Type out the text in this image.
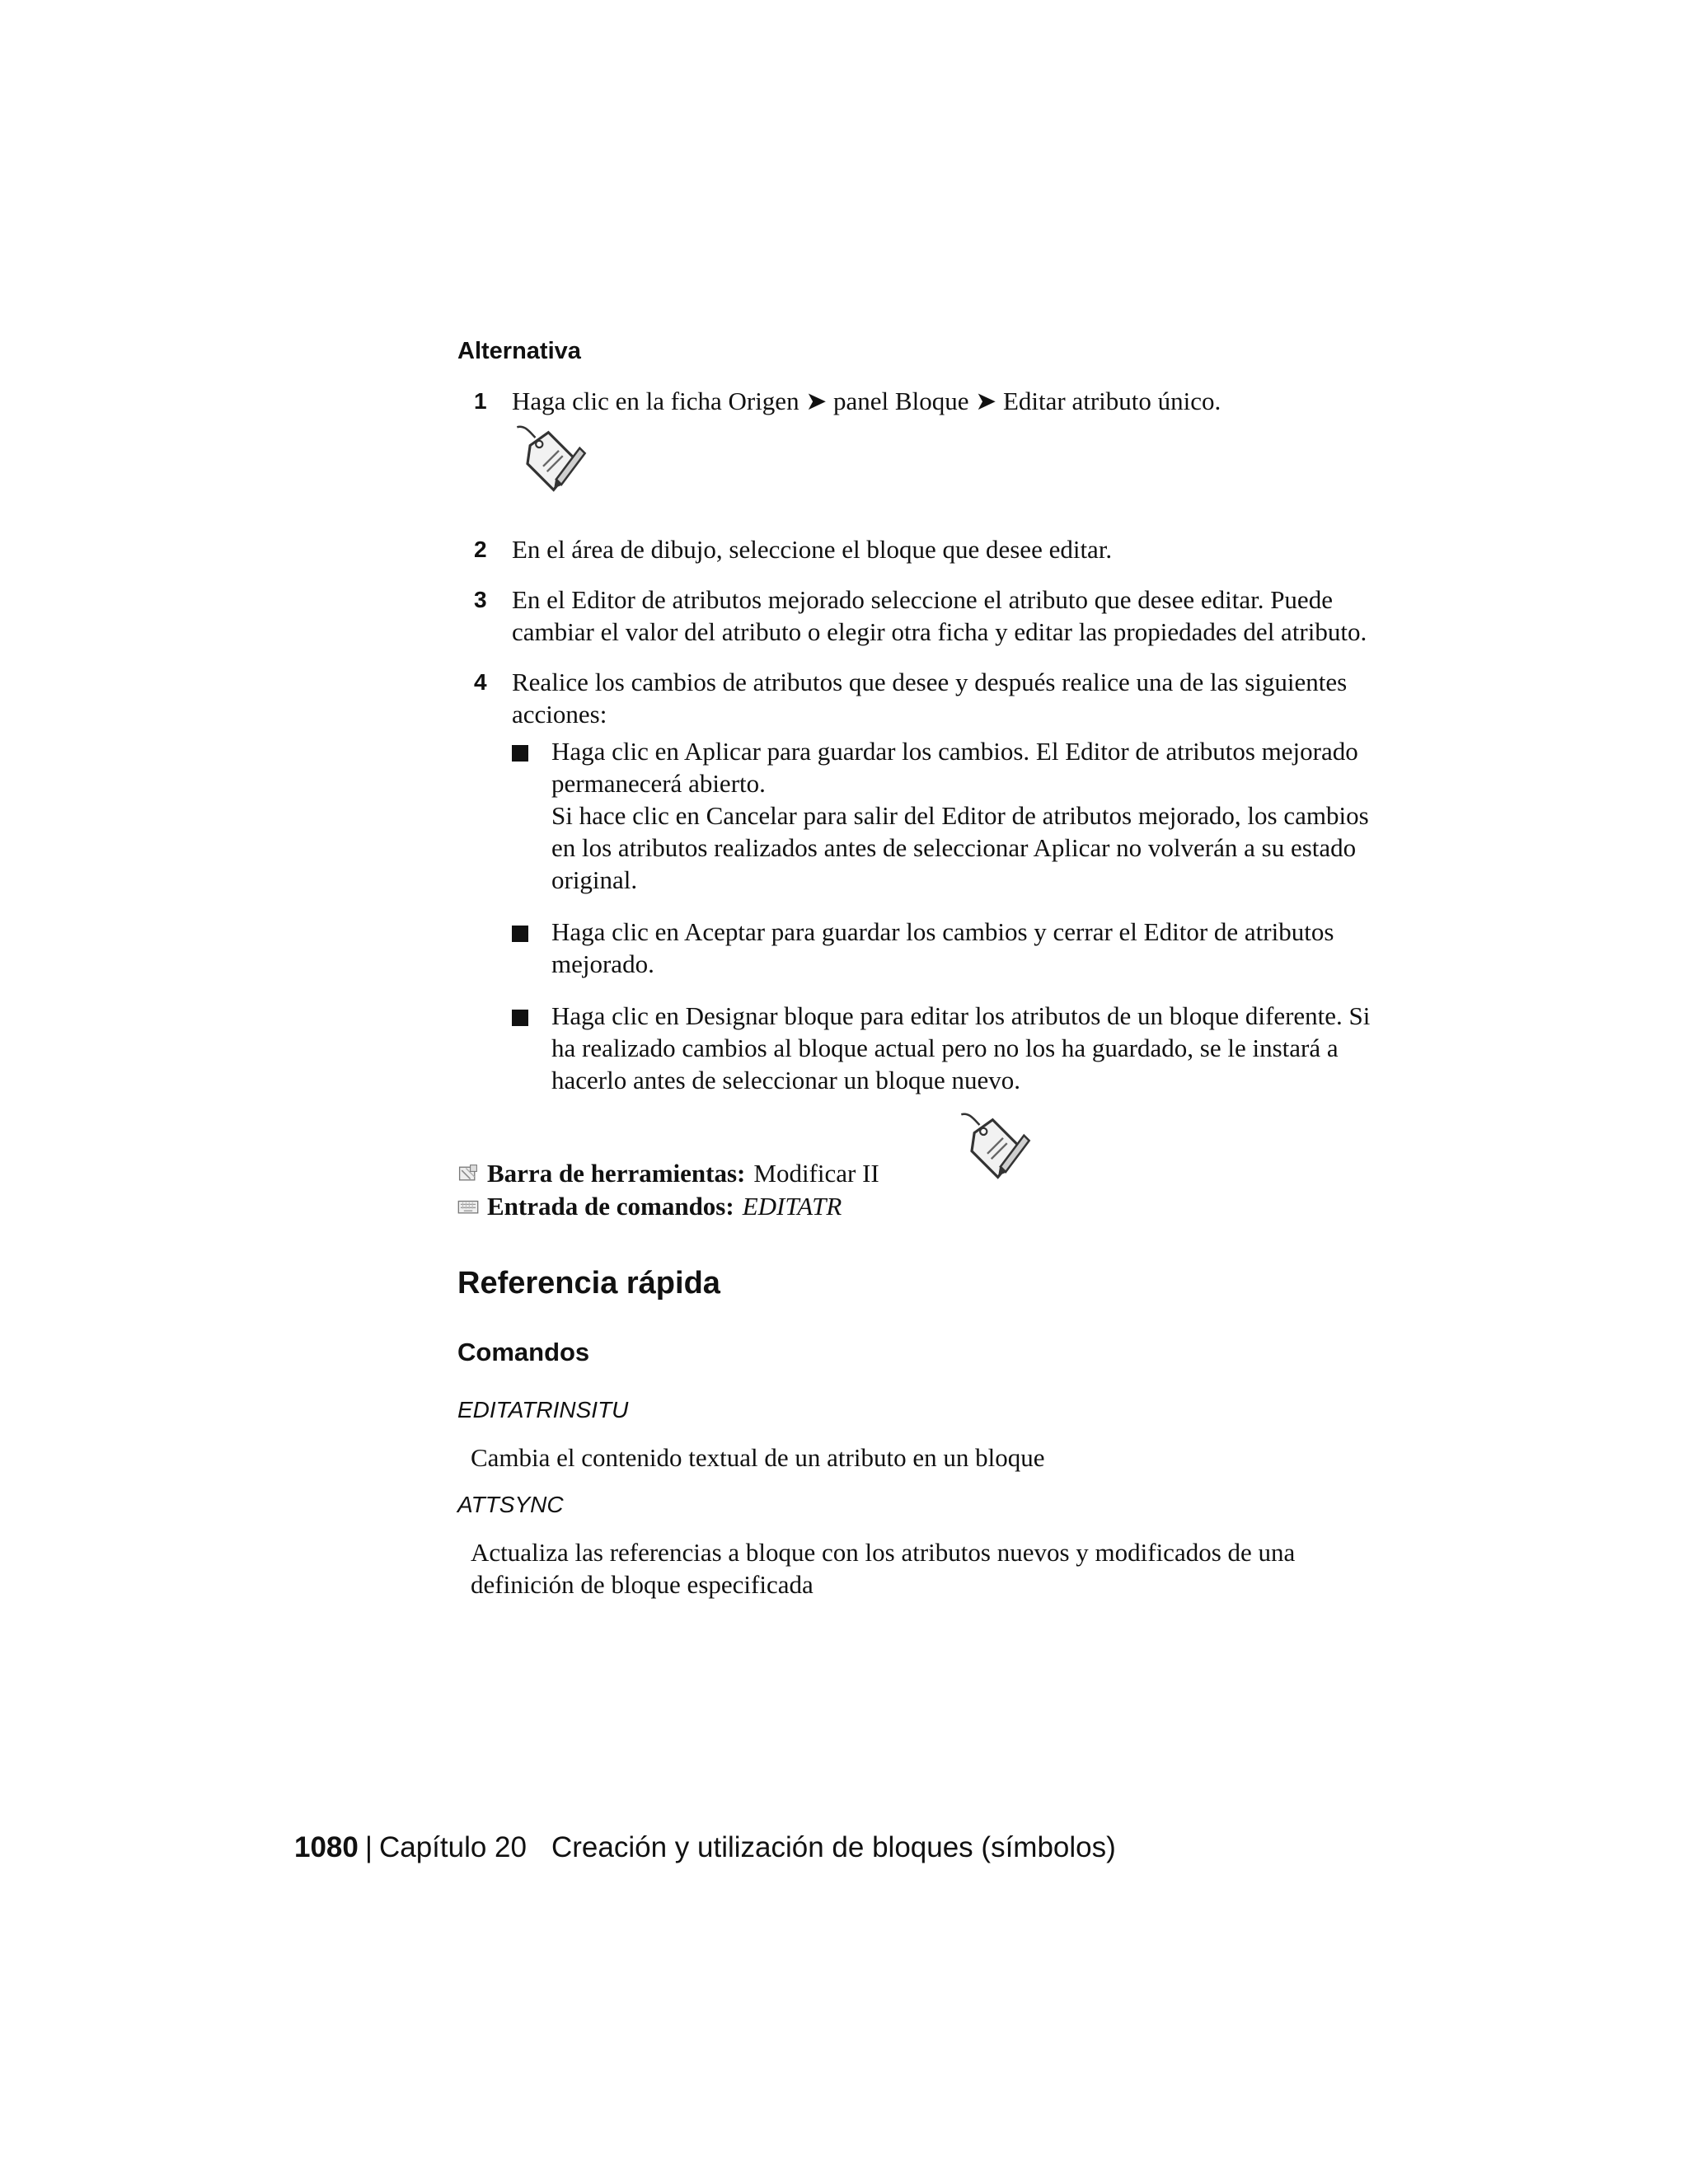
Alternativa
1 Haga clic en la ficha Origen ➤ panel Bloque ➤ Editar atributo único.
2 En el área de dibujo, seleccione el bloque que desee editar.
3 En el Editor de atributos mejorado seleccione el atributo que desee editar. Puede cambiar el valor del atributo o elegir otra ficha y editar las propiedades del atributo.
4 Realice los cambios de atributos que desee y después realice una de las siguientes acciones:

Haga clic en Aplicar para guardar los cambios. El Editor de atributos mejorado permanecerá abierto.

Si hace clic en Cancelar para salir del Editor de atributos mejorado, los cambios en los atributos realizados antes de seleccionar Aplicar no volverán a su estado original.

Haga clic en Aceptar para guardar los cambios y cerrar el Editor de atributos mejorado.

Haga clic en Designar bloque para editar los atributos de un bloque diferente. Si ha realizado cambios al bloque actual pero no los ha guardado, se le instará a hacerlo antes de seleccionar un bloque nuevo.

Barra de herramientas: Modificar II
Entrada de comandos: EDITATR
Referencia rápida
Comandos
EDITATRINSITU
Cambia el contenido textual de un atributo en un bloque
ATTSYNC
Actualiza las referencias a bloque con los atributos nuevos y modificados de una definición de bloque especificada
1080 | Capítulo 20 Creación y utilización de bloques (símbolos)
